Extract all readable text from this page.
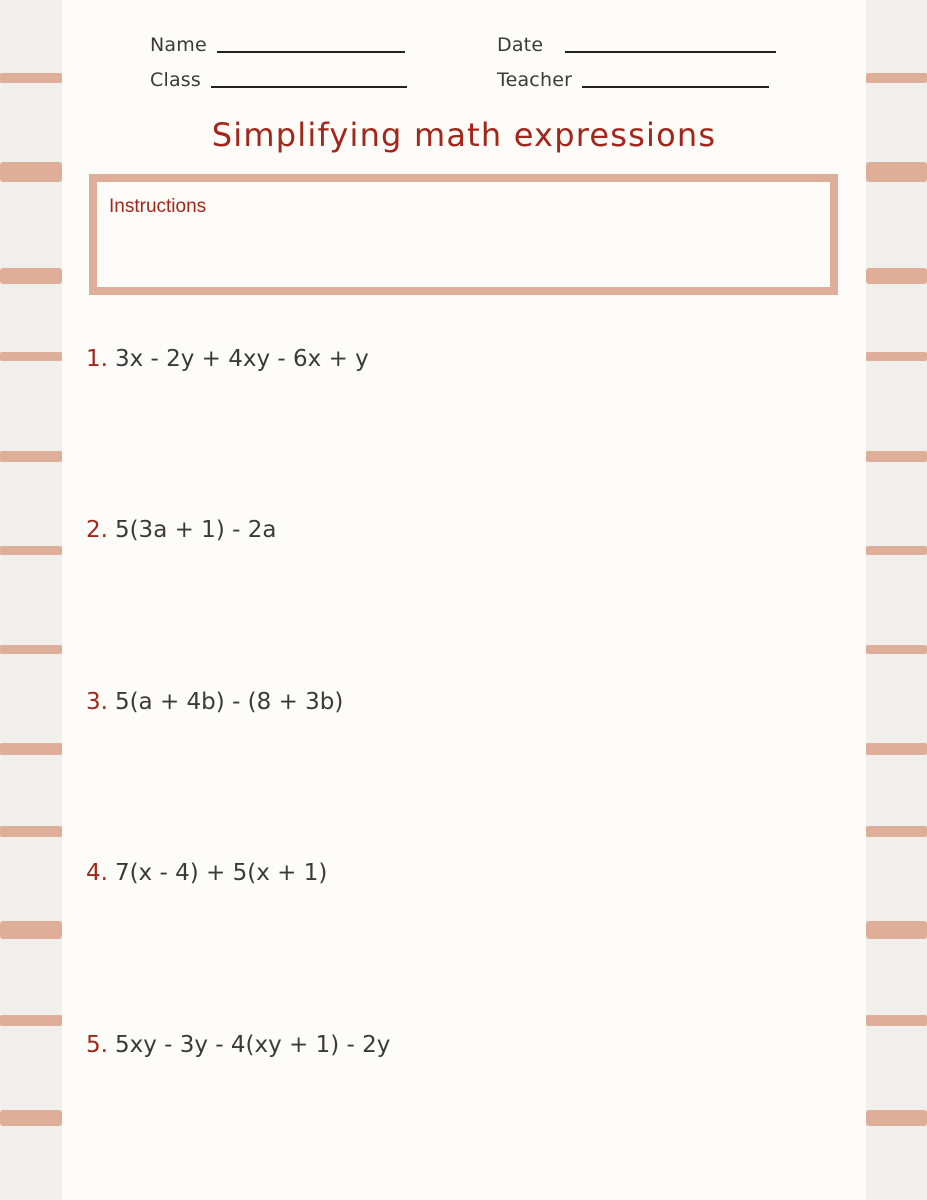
Name	Date
Class	Teacher
Simplifying math expressions
Instructions
1. 3x - 2y + 4xy - 6x + y
2. 5(3a + 1) - 2a
3. 5(a + 4b) - (8 + 3b)
4. 7(x - 4) + 5(x + 1)
5. 5xy - 3y - 4(xy + 1) - 2y
